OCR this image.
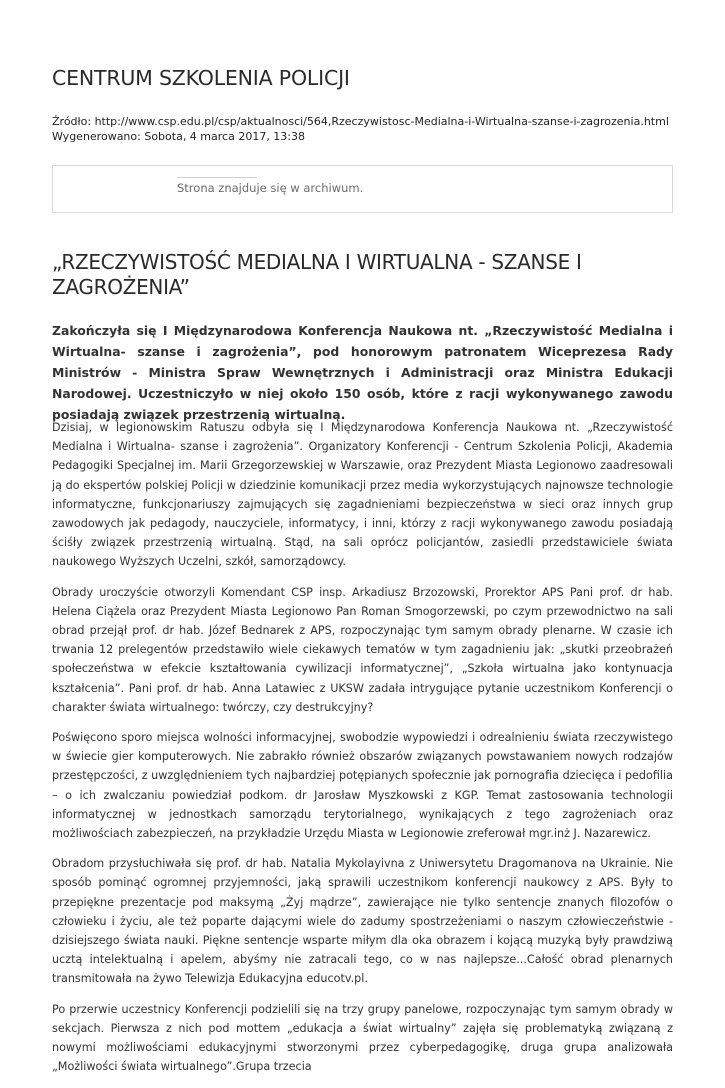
CENTRUM SZKOLENIA POLICJI
Źródło: http://www.csp.edu.pl/csp/aktualnosci/564,Rzeczywistosc-Medialna-i-Wirtualna-szanse-i-zagrozenia.html
Wygenerowano: Sobota, 4 marca 2017, 13:38
Strona znajduje się w archiwum.
„RZECZYWISTOŚĆ MEDIALNA I WIRTUALNA - SZANSE I ZAGROŻENIA”

Zakończyła się I Międzynarodowa Konferencja Naukowa nt. „Rzeczywistość Medialna i Wirtualna- szanse i zagrożenia”, pod honorowym patronatem Wiceprezesa Rady Ministrów - Ministra Spraw Wewnętrznych i Administracji oraz Ministra Edukacji Narodowej. Uczestniczyło w niej około 150 osób, które z racji wykonywanego zawodu posiadają związek przestrzenią wirtualną.

Dzisiaj, w legionowskim Ratuszu odbyła się I Międzynarodowa Konferencja Naukowa nt. „Rzeczywistość Medialna i Wirtualna- szanse i zagrożenia”. Organizatory Konferencji - Centrum Szkolenia Policji, Akademia Pedagogiki Specjalnej im. Marii Grzegorzewskiej w Warszawie, oraz Prezydent Miasta Legionowo zaadresowali ją do ekspertów polskiej Policji w dziedzinie komunikacji przez media wykorzystujących najnowsze technologie informatyczne, funkcjonariuszy zajmujących się zagadnieniami bezpieczeństwa w sieci oraz innych grup zawodowych jak pedagody, nauczyciele, informatycy, i inni, którzy z racji wykonywanego zawodu posiadają ściśły związek przestrzenią wirtualną. Stąd, na sali oprócz policjantów, zasiedli przedstawiciele świata naukowego Wyższych Uczelni, szkół, samorządowcy.

Obrady uroczyście otworzyli Komendant CSP insp. Arkadiusz Brzozowski, Prorektor APS Pani prof. dr hab. Helena Ciążela oraz Prezydent Miasta Legionowo Pan Roman Smogorzewski, po czym przewodnictwo na sali obrad przejął prof. dr hab. Józef Bednarek z APS, rozpoczynając tym samym obrady plenarne. W czasie ich trwania 12 prelegentów przedstawiło wiele ciekawych tematów w tym zagadnieniu jak: „skutki przeobrażeń społeczeństwa w efekcie kształtowania cywilizacji informatycznej”, „Szkoła wirtualna jako kontynuacja kształcenia”. Pani prof. dr hab. Anna Latawiec z UKSW zadała intrygujące pytanie uczestnikom Konferencji o charakter świata wirtualnego: twórczy, czy destrukcyjny?

Poświęcono sporo miejsca wolności informacyjnej, swobodzie wypowiedzi i odrealnieniu świata rzeczywistego w świecie gier komputerowych. Nie zabrakło również obszarów związanych powstawaniem nowych rodzajów przestępczości, z uwzględnieniem tych najbardziej potępianych społecznie jak pornografia dziecięca i pedofilia – o ich zwalczaniu powiedział podkom. dr Jarosław Myszkowski z KGP. Temat zastosowania technologii informatycznej w jednostkach samorządu terytorialnego, wynikających z tego zagrożeniach oraz możliwościach zabezpieczeń, na przykładzie Urzędu Miasta w Legionowie zreferował mgr.inż J. Nazarewicz.

Obradom przysłuchiwała się prof. dr hab. Natalia Mykolayivna z Uniwersytetu Dragomanova na Ukrainie. Nie sposób pominąć ogromnej przyjemności, jaką sprawili uczestnikom konferencji naukowcy z APS. Były to przepiękne prezentacje pod maksymą „Żyj mądrze”, zawierające nie tylko sentencje znanych filozofów o człowieku i życiu, ale też poparte dającymi wiele do zadumy spostrzeżeniami o naszym człowieczeństwie - dzisiejszego świata nauki. Piękne sentencje wsparte miłym dla oka obrazem i kojącą muzyką były prawdziwą ucztą intelektualną i apelem, abyśmy nie zatracali tego, co w nas najlepsze...Całość obrad plenarnych transmitowała na żywo Telewizja Edukacyjna educotv.pl.

Po przerwie uczestnicy Konferencji podzielili się na trzy grupy panelowe, rozpoczynając tym samym obrady w sekcjach. Pierwsza z nich pod mottem „edukacja a świat wirtualny” zajęła się problematyką związaną z nowymi możliwościami edukacyjnymi stworzonymi przez cyberpedagogikę, druga grupa analizowała „Możliwości świata wirtualnego”.Grupa trzecia
